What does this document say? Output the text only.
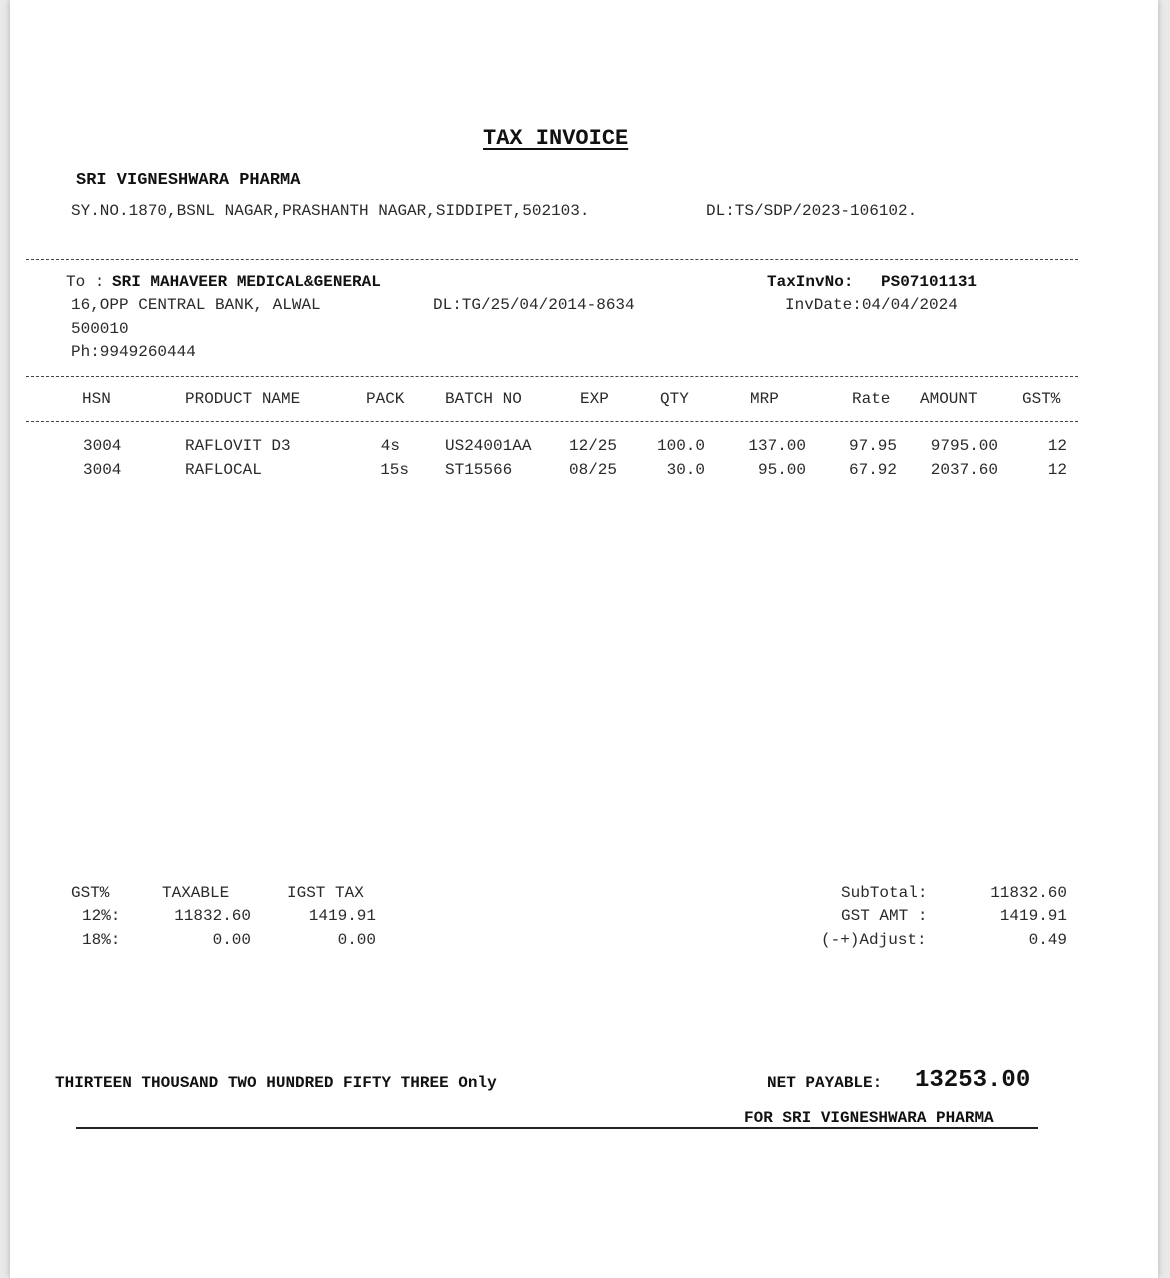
TAX INVOICE
SRI VIGNESHWARA PHARMA
SY.NO.1870,BSNL NAGAR,PRASHANTH NAGAR,SIDDIPET,502103.	DL:TS/SDP/2023-106102.
To : SRI MAHAVEER MEDICAL&GENERAL
16,OPP CENTRAL BANK, ALWAL	DL:TG/25/04/2014-8634
500010
Ph:9949260444
TaxInvNo: PS07101131
InvDate:04/04/2024
HSN	PRODUCT NAME	PACK	BATCH NO	EXP	QTY	MRP	Rate AMOUNT	GST%
3004	RAFLOVIT D3	4s	US24001AA 12/25	100.0	137.00	97.95	9795.00	12
3004	RAFLOCAL	15s ST15566	08/25	30.0	95.00	67.92	2037.60	12
GST%	TAXABLE	IGST TAX
12%:	11832.60	1419.91
18%:	0.00	0.00
SubTotal:	11832.60
GST AMT :	1419.91
(-+)Adjust:	0.49
THIRTEEN THOUSAND TWO HUNDRED FIFTY THREE Only	NET PAYABLE: 13253.00
FOR SRI VIGNESHWARA PHARMA
